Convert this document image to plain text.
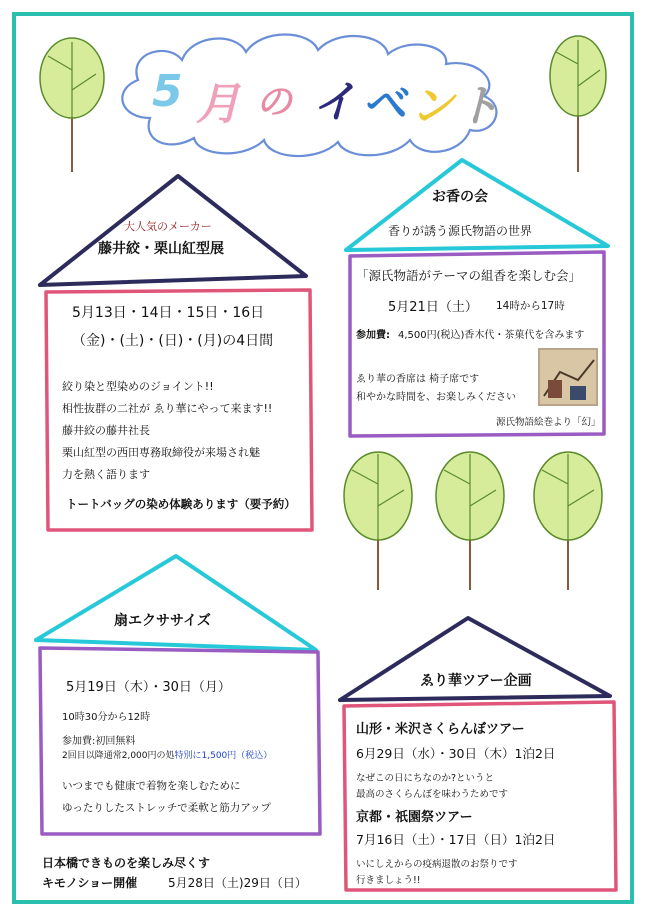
5 月 の イ ベ ン
ト
大人気のメーカー
藤井絞・栗山紅型展
5月13日・14日・15日・16日
（金)・(土)・(日)・(月)の4日間
絞り染と型染めのジョイント!!
相性抜群の二社が ゑり華にやって来ます!!
藤井絞の藤井社長
栗山紅型の西田専務取締役が来場され魅
力を熱く語ります
トートバッグの染め体験あります（要予約）
お香の会
香りが誘う源氏物語の世界
「源氏物語がテーマの組香を楽しむ会」
5月21日（土） 14時から17時
参加費: 4,500円(税込)香木代・茶菓代を含みます
ゑり華の香席は 椅子席です
和やかな時間を、お楽しみください
源氏物語絵巻より「幻」
扇エクササイズ
5月19日（木）・30日（月）
10時30分から12時
参加費:初回無料
2回目以降通常2,000円の処特別に1,500円（税込）
いつまでも健康で着物を楽しむために
ゆったりしたストレッチで柔軟と筋力アップ
ゑり華ツアー企画
山形・米沢さくらんぼツアー
6月29日（水）・30日（木）1泊2日
なぜこの日にちなのか?というと
最高のさくらんぼを味わうためです
京都・祇園祭ツアー
7月16日（土）・17日（日）1泊2日
いにしえからの疫病退散のお祭りです
行きましょう!!
日本橋できものを楽しみ尽くす
キモノショー開催	5月28日（土)29日（日）
